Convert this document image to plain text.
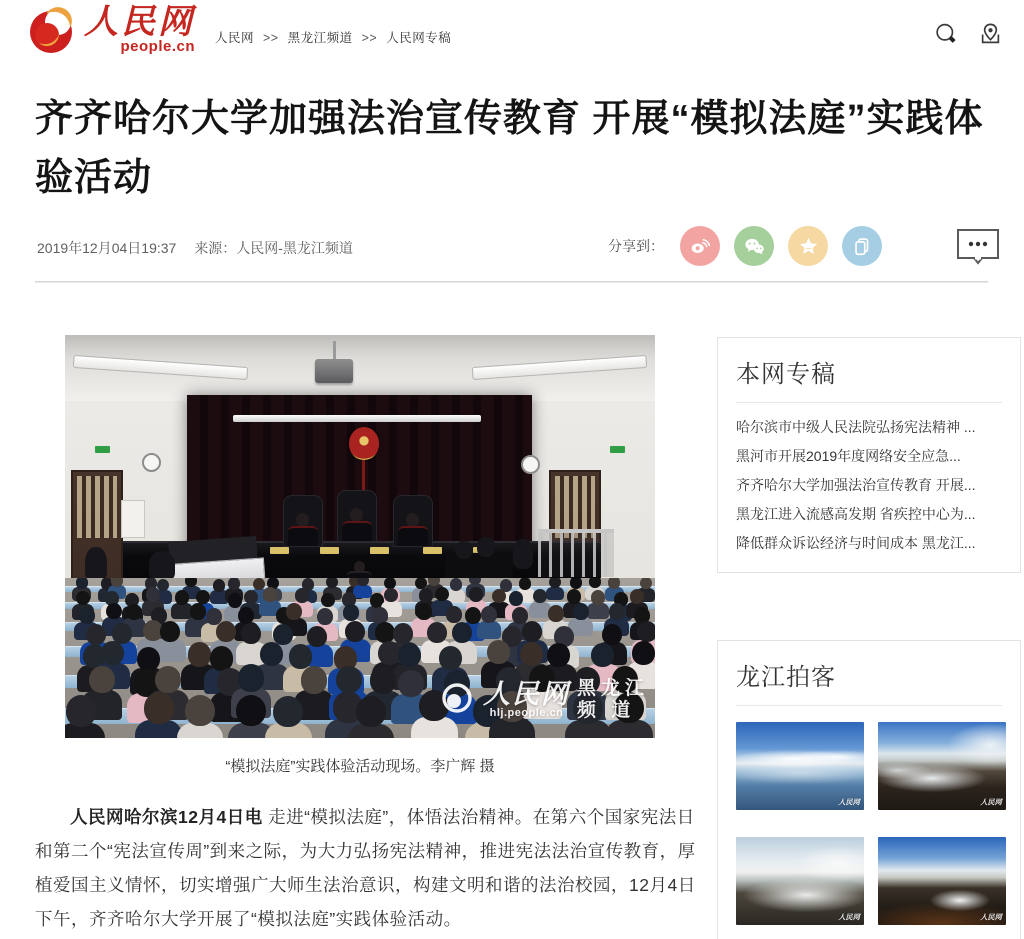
人民网
people.cn 人民网 >> 黑龙江频道 >> 人民网专稿
齐齐哈尔大学加强法治宣传教育 开展“模拟法庭”实践体验活动
2019年12月04日19:37 来源：人民网-黑龙江频道	分享到：
人民网
hlj.people.cn
黑龙江
频 道
“模拟法庭”实践体验活动现场。李广辉 摄

人民网哈尔滨12月4日电 走进“模拟法庭”，体悟法治精神。在第六个国家宪法日和第二个“宪法宣传周”到来之际，为大力弘扬宪法精神，推进宪法法治宣传教育，厚植爱国主义情怀，切实增强广大师生法治意识，构建文明和谐的法治校园，12月4日下午，齐齐哈尔大学开展了“模拟法庭”实践体验活动。

本网专稿
哈尔滨市中级人民法院弘扬宪法精神 ...
黑河市开展2019年度网络安全应急...
齐齐哈尔大学加强法治宣传教育 开展...
黑龙江进入流感高发期 省疾控中心为...
降低群众诉讼经济与时间成本 黑龙江...
龙江拍客
人民网	人民网
人民网	人民网
